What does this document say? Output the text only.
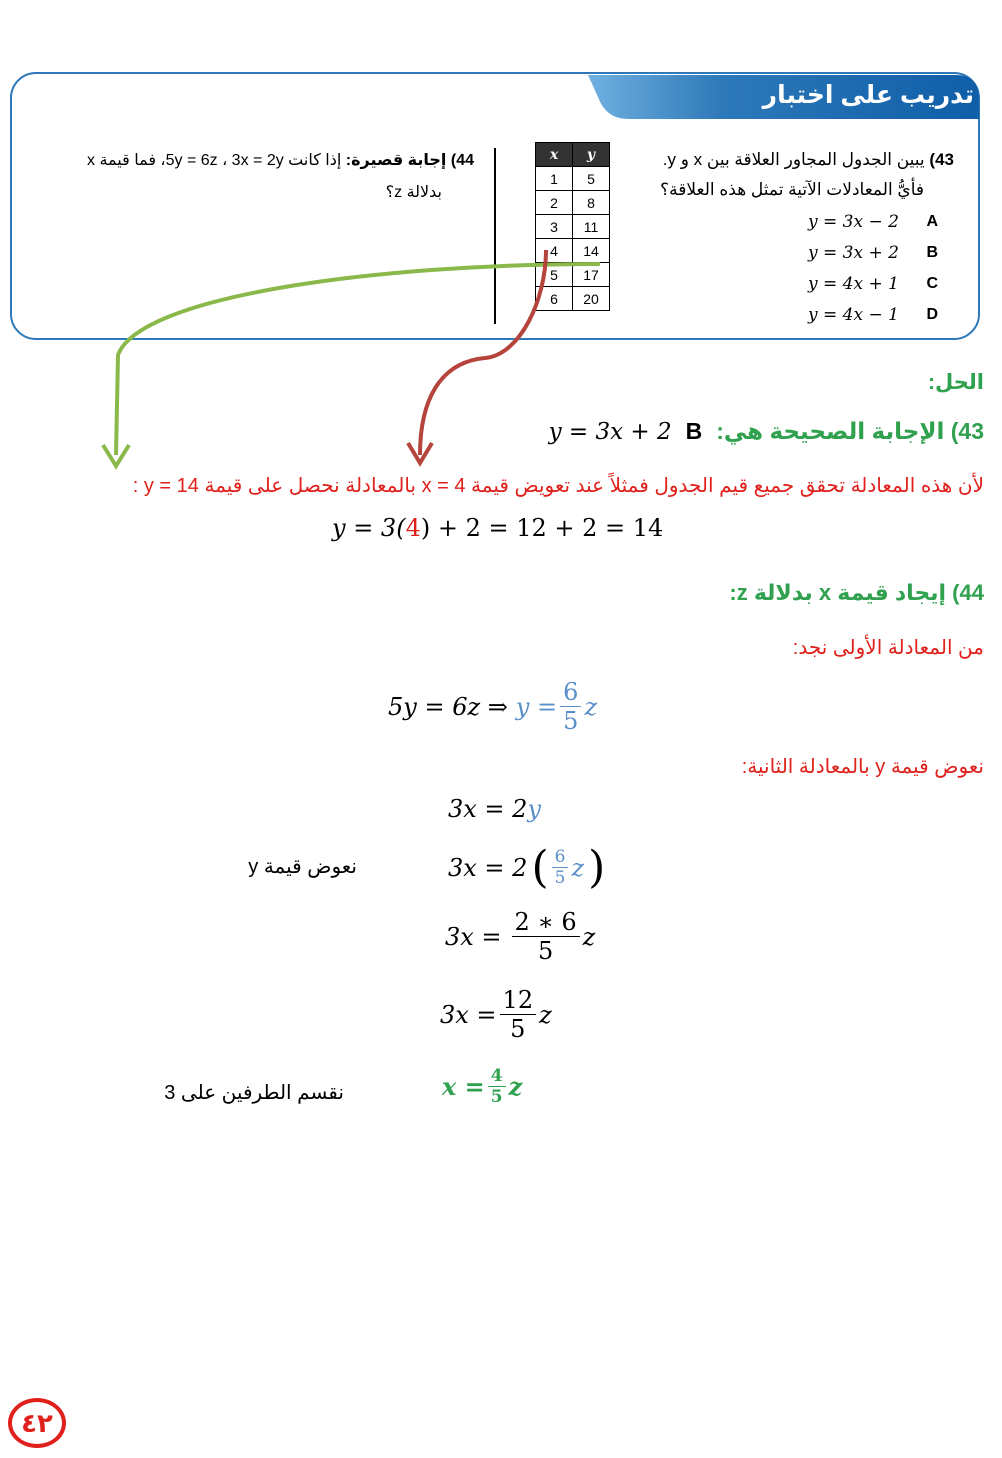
تدريب على اختبار
43) يبين الجدول المجاور العلاقة بين x و y.
فأيُّ المعادلات الآتية تمثل هذه العلاقة؟
y = 3x − 2 A
y = 3x + 2 B
y = 4x + 1 C
y = 4x − 1 D
x	y
1	5
2	8
3	11
4	14
5	17
6	20
44) إجابة قصيرة: إذا كانت 5y = 6z ، 3x = 2y، فما قيمة x
بدلالة z؟
الحل:
43) الإجابة الصحيحة هي:
B
y = 3x + 2
لأن هذه المعادلة تحقق جميع قيم الجدول فمثلاً عند تعويض قيمة x = 4 بالمعادلة نحصل على قيمة y = 14 :
y = 3(4) + 2 = 12 + 2 = 14
44) إيجاد قيمة x بدلالة z:
من المعادلة الأولى نجد:
5y = 6z ⇒ $y = \frac{6}{5}$ z
نعوض قيمة y بالمعادلة الثانية:
3x = 2y
3x = 2 ( $\frac{6}{5}$ z )
نعوض قيمة y
$3x = \frac{2 ∗ 6}{5}$ z
$3x = \frac{12}{5}$ z
$x = \frac{4}{5}$ z
نقسم الطرفين على 3
٤٢
